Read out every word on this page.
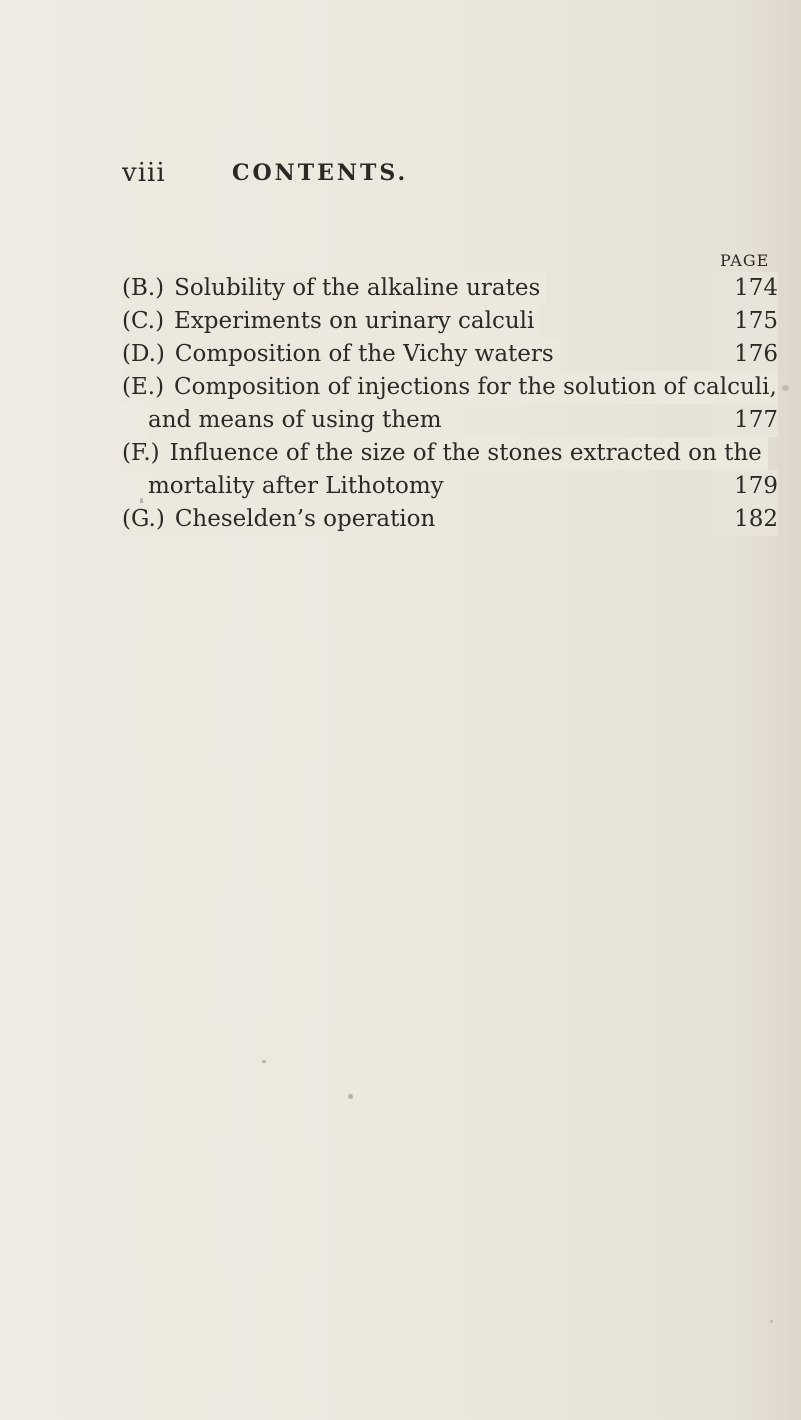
viii	CONTENTS.
PAGE
. . .
(B.) Solubility of the alkaline urates	174
. . .
(C.) Experiments on urinary calculi	175
. . .
(D.) Composition of the Vichy waters	176
(E.) Composition of injections for the solution of calculi,
. . .
and means of using them	177
(F.) Influence of the size of the stones extracted on the
. . .
mortality after Lithotomy	179
. . .
(G.) Cheselden’s operation	182
